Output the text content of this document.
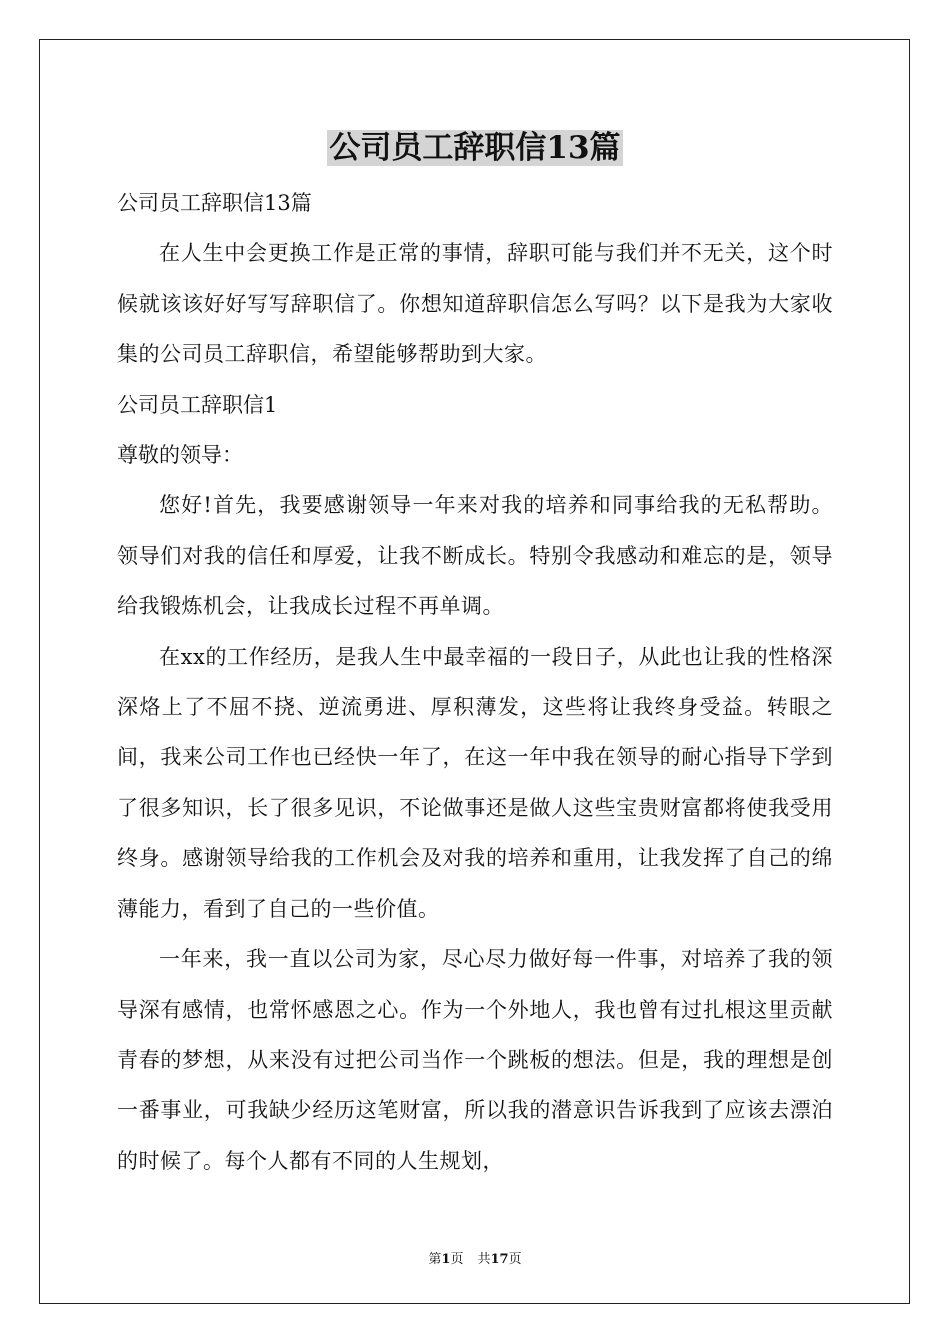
公司员工辞职信13篇

公司员工辞职信13篇

在人生中会更换工作是正常的事情，辞职可能与我们并不无关，这个时候就该该好好写写辞职信了。你想知道辞职信怎么写吗？以下是我为大家收集的公司员工辞职信，希望能够帮助到大家。

公司员工辞职信1

尊敬的领导：

您好!首先，我要感谢领导一年来对我的培养和同事给我的无私帮助。领导们对我的信任和厚爱，让我不断成长。特别令我感动和难忘的是，领导给我锻炼机会，让我成长过程不再单调。

在xx的工作经历，是我人生中最幸福的一段日子，从此也让我的性格深深烙上了不屈不挠、逆流勇进、厚积薄发，这些将让我终身受益。转眼之间，我来公司工作也已经快一年了，在这一年中我在领导的耐心指导下学到了很多知识，长了很多见识，不论做事还是做人这些宝贵财富都将使我受用终身。感谢领导给我的工作机会及对我的培养和重用，让我发挥了自己的绵薄能力，看到了自己的一些价值。

一年来，我一直以公司为家，尽心尽力做好每一件事，对培养了我的领导深有感情，也常怀感恩之心。作为一个外地人，我也曾有过扎根这里贡献青春的梦想，从来没有过把公司当作一个跳板的想法。但是，我的理想是创一番事业，可我缺少经历这笔财富，所以我的潜意识告诉我到了应该去漂泊的时候了。每个人都有不同的人生规划，

第1页 共17页
